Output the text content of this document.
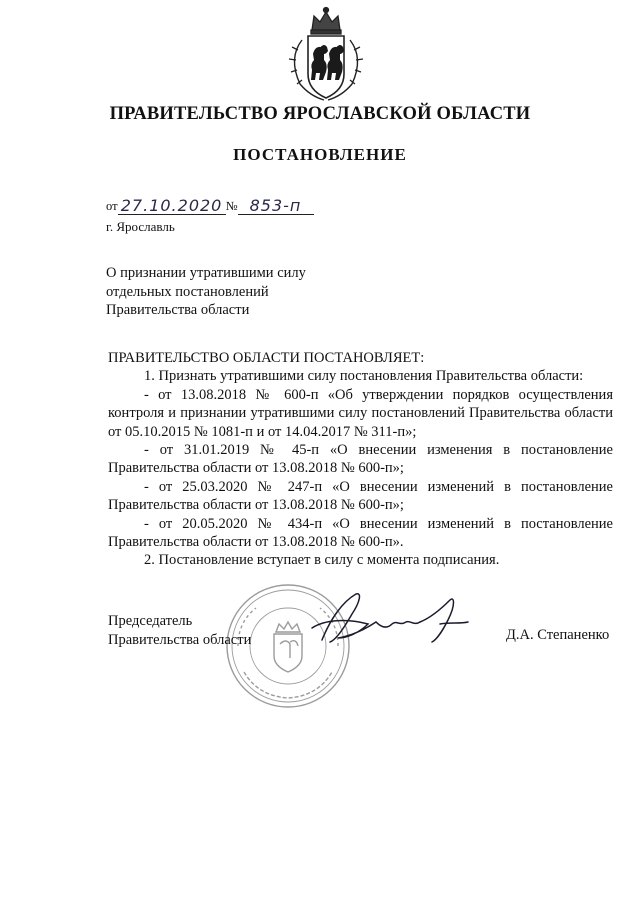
ПРАВИТЕЛЬСТВО ЯРОСЛАВСКОЙ ОБЛАСТИ
ПОСТАНОВЛЕНИЕ
от 27.10.2020 № 853-п
г. Ярославль
О признании утратившими силу
отдельных постановлений
Правительства области

ПРАВИТЕЛЬСТВО ОБЛАСТИ ПОСТАНОВЛЯЕТ:

1. Признать утратившими силу постановления Правительства области:

- от 13.08.2018 № 600-п «Об утверждении порядков осуществления контроля и признании утратившими силу постановлений Правительства области от 05.10.2015 № 1081-п и от 14.04.2017 № 311-п»;

- от 31.01.2019 № 45-п «О внесении изменения в постановление Правительства области от 13.08.2018 № 600-п»;

- от 25.03.2020 № 247-п «О внесении изменений в постановление Правительства области от 13.08.2018 № 600-п»;

- от 20.05.2020 № 434-п «О внесении изменений в постановление Правительства области от 13.08.2018 № 600-п».

2. Постановление вступает в силу с момента подписания.

Председатель
Правительства области	Д.А. Степаненко
